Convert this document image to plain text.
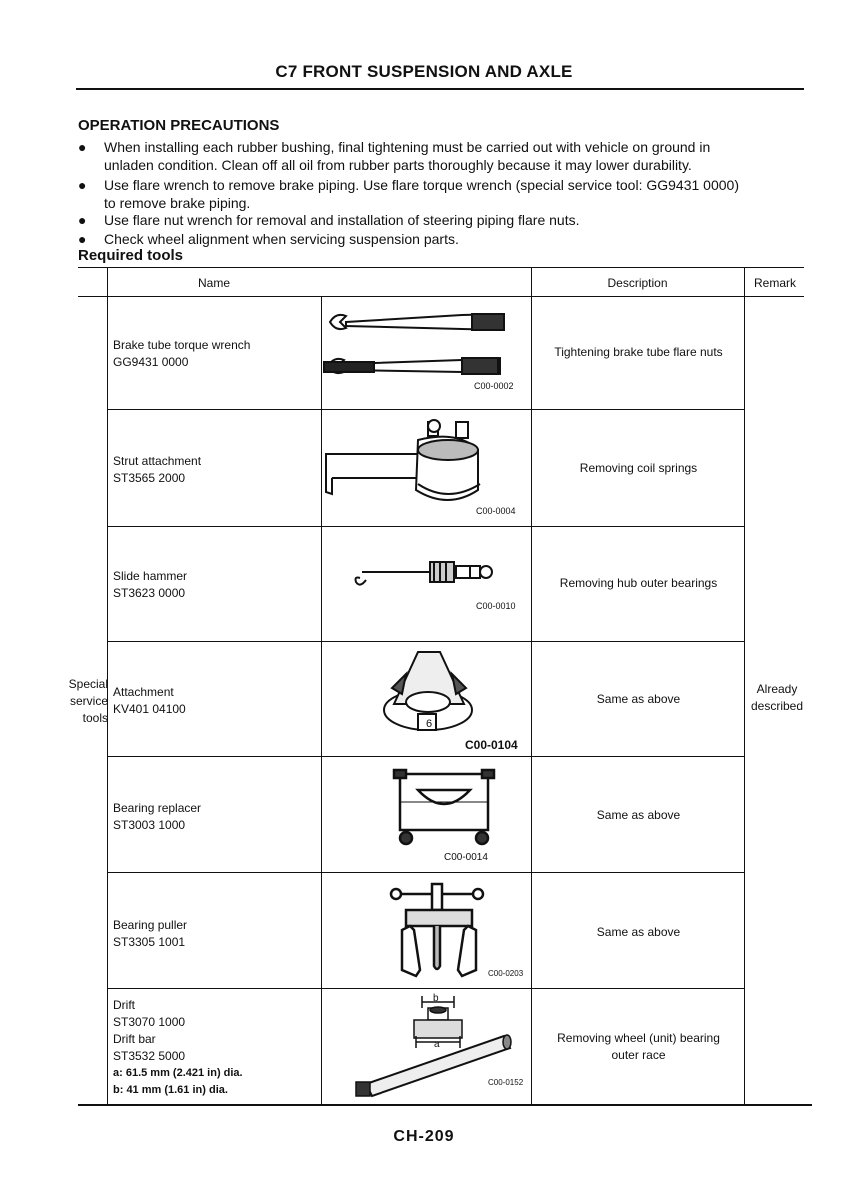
C7 FRONT SUSPENSION AND AXLE
OPERATION PRECAUTIONS
● When installing each rubber bushing, final tightening must be carried out with vehicle on ground in
unladen condition. Clean off all oil from rubber parts thoroughly because it may lower durability.
● Use flare wrench to remove brake piping. Use flare torque wrench (special service tool: GG9431 0000)
to remove brake piping.
● Use flare nut wrench for removal and installation of steering piping flare nuts.
● Check wheel alignment when servicing suspension parts.
Required tools
Name	Description	Remark
Special
service
tools
Already
described
Brake tube torque wrench
GG9431 0000
Tightening brake tube flare nuts
C00-0002
Strut attachment
ST3565 2000
Removing coil springs
C00-0004
Slide hammer
ST3623 0000
Removing hub outer bearings
C00-0010
Attachment
KV401 04100
Same as above
6
C00-0104
Bearing replacer
ST3003 1000
Same as above
C00-0014
Bearing puller
ST3305 1001
Same as above
C00-0203
Drift
ST3070 1000
Drift bar
ST3532 5000
a: 61.5 mm (2.421 in) dia.
b: 41 mm (1.61 in) dia.
Removing wheel (unit) bearing
outer race
b
a
C00-0152
CH-209
